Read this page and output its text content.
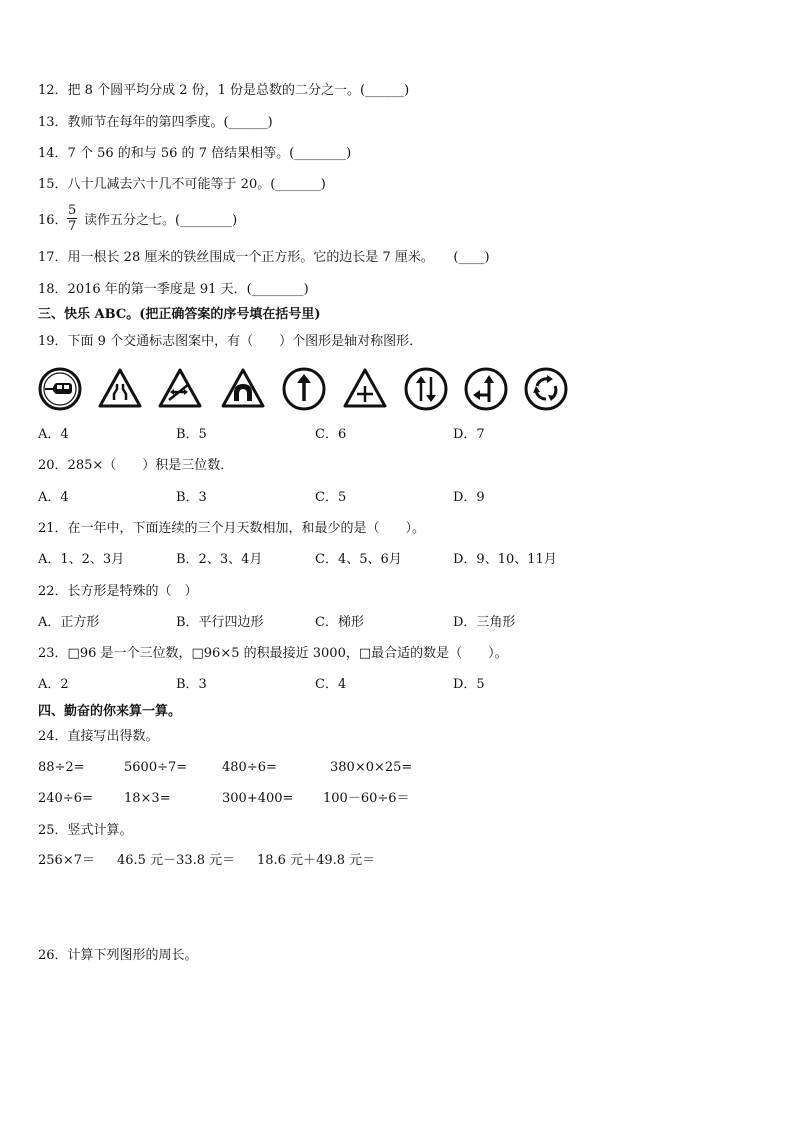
12．把 8 个圆平均分成 2 份，1 份是总数的二分之一。(______)
13．教师节在每年的第四季度。(______)
14．7 个 56 的和与 56 的 7 倍结果相等。(________)
15．八十几减去六十几不可能等于 20。(_______)
16． $\frac{5}{7}$ 读作五分之七。(________)
17．用一根长 28 厘米的铁丝围成一个正方形。它的边长是 7 厘米。　　(____)
18．2016 年的第一季度是 91 天．(________)
三、快乐 ABC。(把正确答案的序号填在括号里)
19．下面 9 个交通标志图案中，有（　　）个图形是轴对称图形．
A．4	B．5	C．6	D．7
20．285×（　　）积是三位数．
A．4	B．3	C．5	D．9
21．在一年中，下面连续的三个月天数相加，和最少的是（　　）。
A．1、2、3月	B．2、3、4月	C．4、5、6月	D．9、10、11月
22．长方形是特殊的（　）
A．正方形	B．平行四边形	C．梯形	D．三角形
23．□96 是一个三位数，□96×5 的积最接近 3000，□最合适的数是（　　）。
A．2	B．3	C．4	D．5
四、勤奋的你来算一算。
24．直接写出得数。
88÷2=	5600÷7=	480÷6=	380×0×25=
240÷6= 18×3=	300+400= 100－60÷6＝
25．竖式计算。
256×7＝ 46.5 元－33.8 元＝ 18.6 元＋49.8 元＝
26．计算下列图形的周长。
